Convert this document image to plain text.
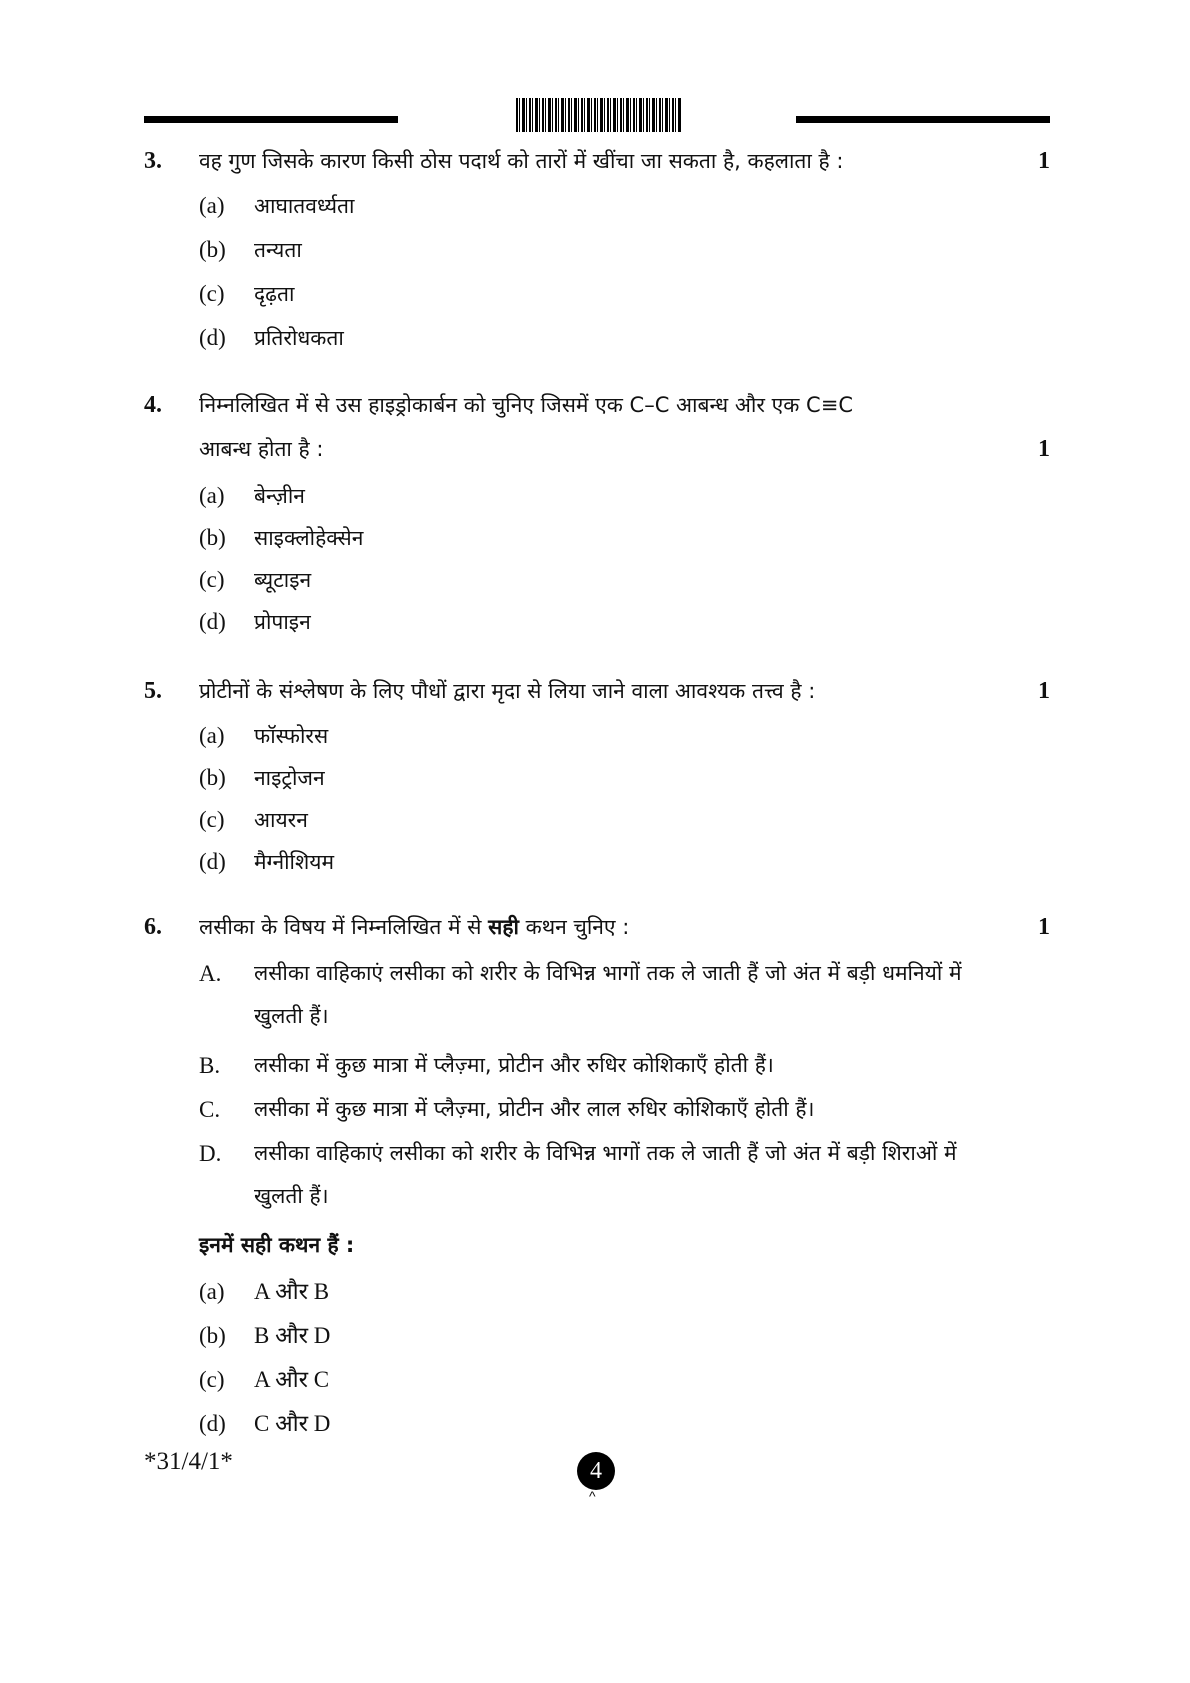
3. वह गुण जिसके कारण किसी ठोस पदार्थ को तारों में खींचा जा सकता है, कहलाता है :	1
(a) आघातवर्ध्यता
(b) तन्यता
(c) दृढ़ता
(d) प्रतिरोधकता
4. निम्नलिखित में से उस हाइड्रोकार्बन को चुनिए जिसमें एक C–C आबन्ध और एक C≡C
आबन्ध होता है :	1
(a) बेन्ज़ीन
(b) साइक्लोहेक्सेन
(c) ब्यूटाइन
(d) प्रोपाइन
5. प्रोटीनों के संश्लेषण के लिए पौधों द्वारा मृदा से लिया जाने वाला आवश्यक तत्त्व है :	1
(a) फॉस्फोरस
(b) नाइट्रोजन
(c) आयरन
(d) मैग्नीशियम
6. लसीका के विषय में निम्नलिखित में से सही कथन चुनिए :	1
A. लसीका वाहिकाएं लसीका को शरीर के विभिन्न भागों तक ले जाती हैं जो अंत में बड़ी धमनियों में खुलती हैं।
B. लसीका में कुछ मात्रा में प्लैज़्मा, प्रोटीन और रुधिर कोशिकाएँ होती हैं।
C. लसीका में कुछ मात्रा में प्लैज़्मा, प्रोटीन और लाल रुधिर कोशिकाएँ होती हैं।
D. लसीका वाहिकाएं लसीका को शरीर के विभिन्न भागों तक ले जाती हैं जो अंत में बड़ी शिराओं में खुलती हैं।
इनमें सही कथन हैं :
(a) A और B
(b) B और D
(c) A और C
(d) C और D
*31/4/1*	4
^
